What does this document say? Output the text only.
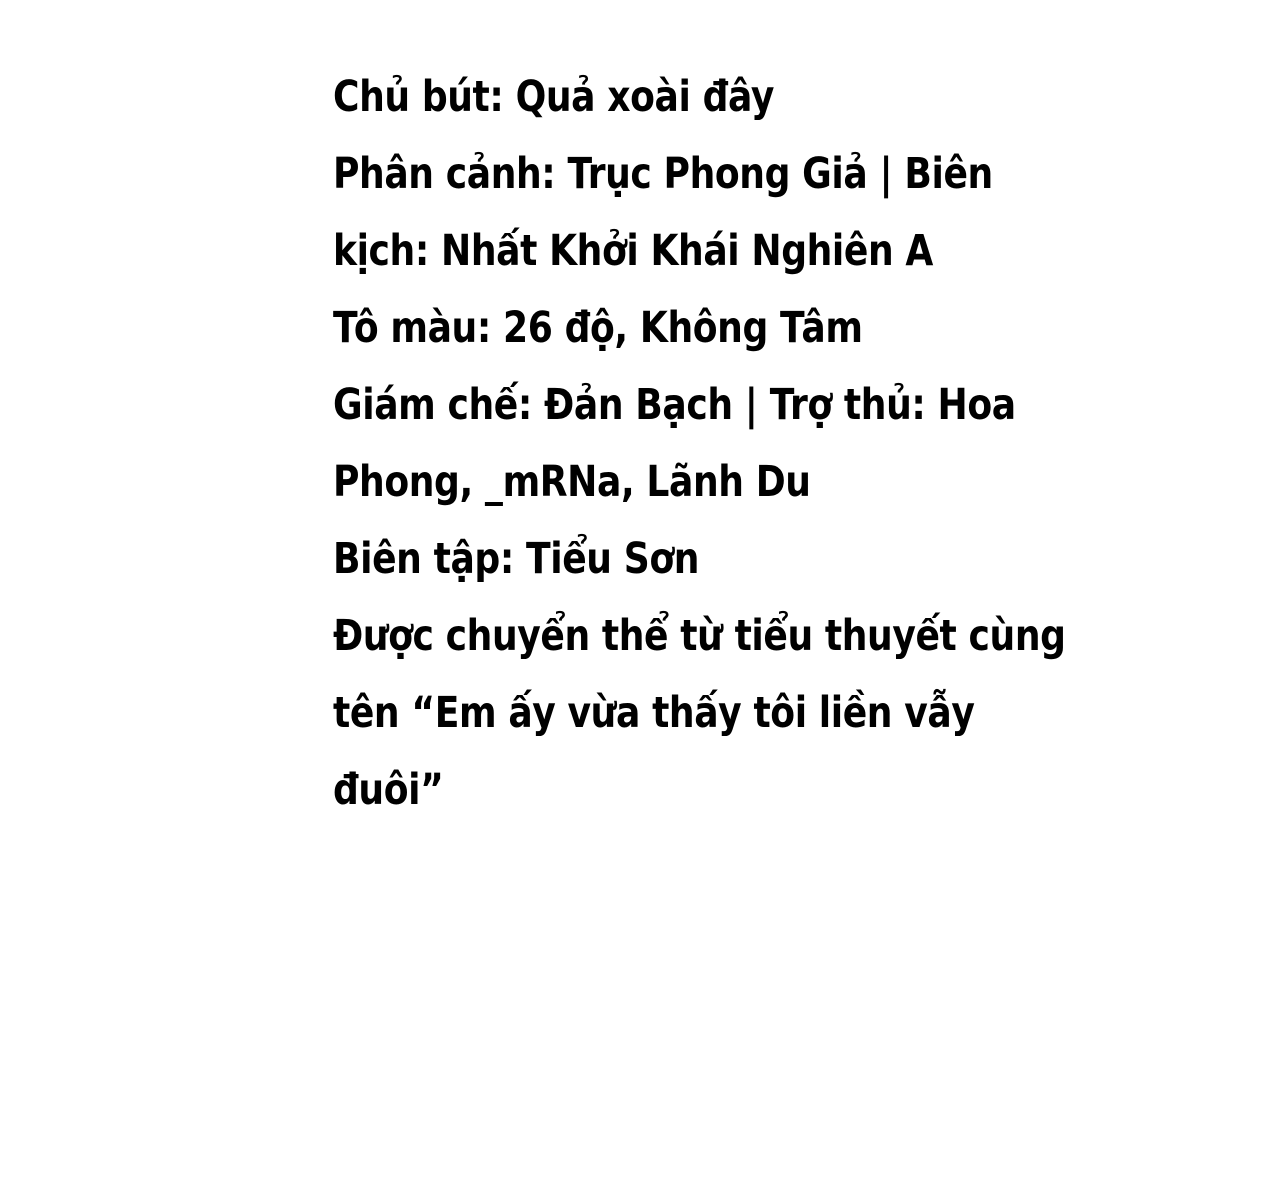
Chủ bút: Quả xoài đây
Phân cảnh: Trục Phong Giả | Biên
kịch: Nhất Khởi Khái Nghiên A
Tô màu: 26 độ, Không Tâm
Giám chế: Đản Bạch | Trợ thủ: Hoa
Phong, _mRNa, Lãnh Du
Biên tập: Tiểu Sơn
Được chuyển thể từ tiểu thuyết cùng
tên “Em ấy vừa thấy tôi liền vẫy
đuôi”
